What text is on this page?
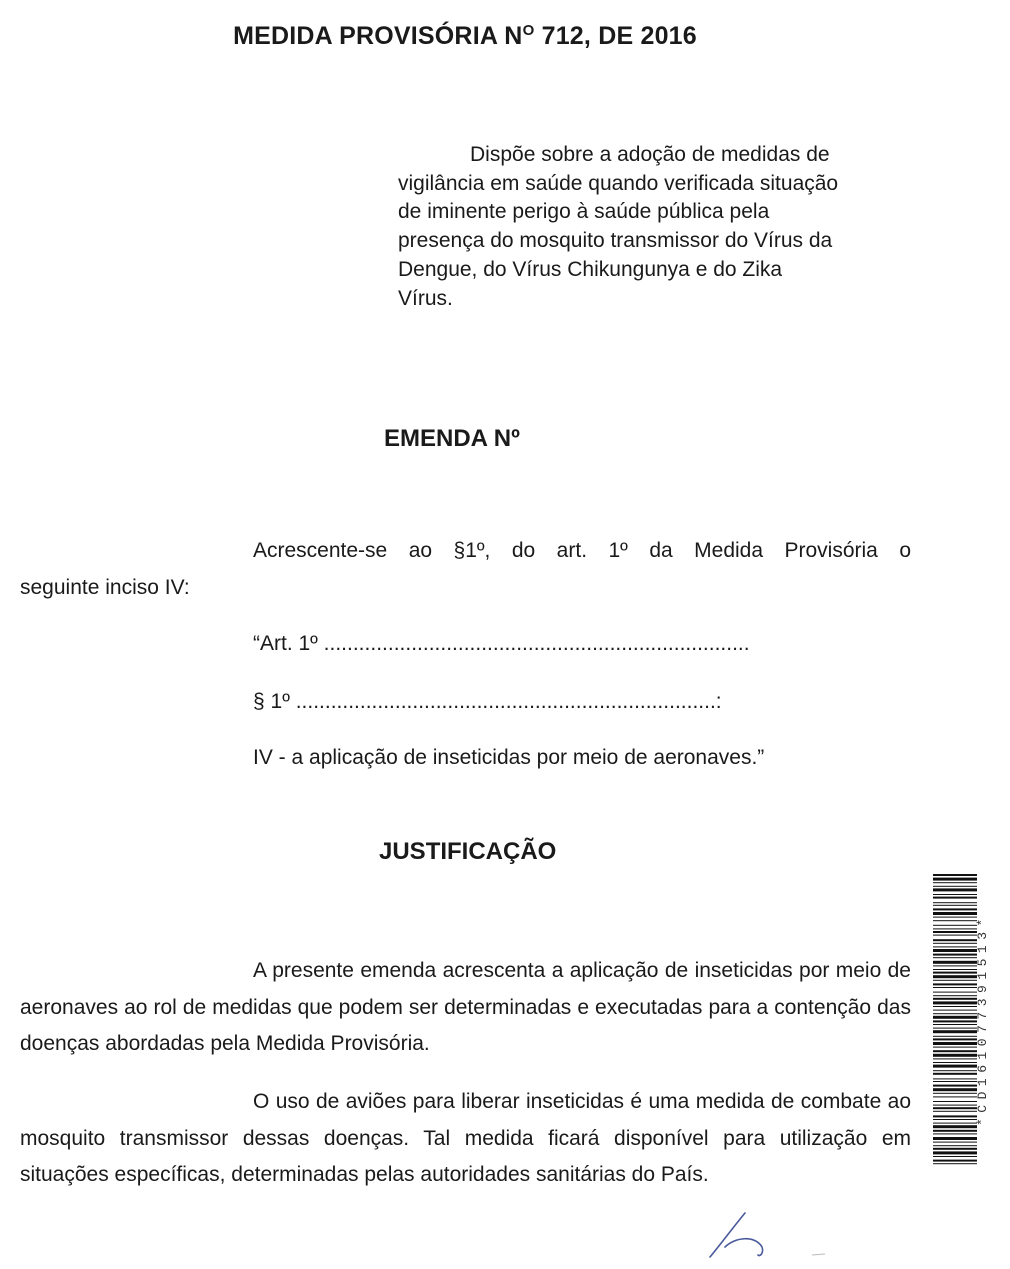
MEDIDA PROVISÓRIA $N^O$ 712, DE 2016

Dispõe sobre a adoção de medidas de

vigilância em saúde quando verificada situação

de iminente perigo à saúde pública pela

presença do mosquito transmissor do Vírus da

Dengue, do Vírus Chikungunya e do Zika

Vírus.

EMENDA Nº
Acrescente-se ao §1º, do art. 1º da Medida Provisória o
seguinte inciso IV:
“Art. 1º .........................................................................
§ 1º ........................................................................:
IV - a aplicação de inseticidas por meio de aeronaves.”
JUSTIFICAÇÃO

A presente emenda acrescenta a aplicação de inseticidas por meio de aeronaves ao rol de medidas que podem ser determinadas e executadas para a contenção das doenças abordadas pela Medida Provisória.

O uso de aviões para liberar inseticidas é uma medida de combate ao mosquito transmissor dessas doenças. Tal medida ficará disponível para utilização em situações específicas, determinadas pelas autoridades sanitárias do País.

*CD161077391513*
